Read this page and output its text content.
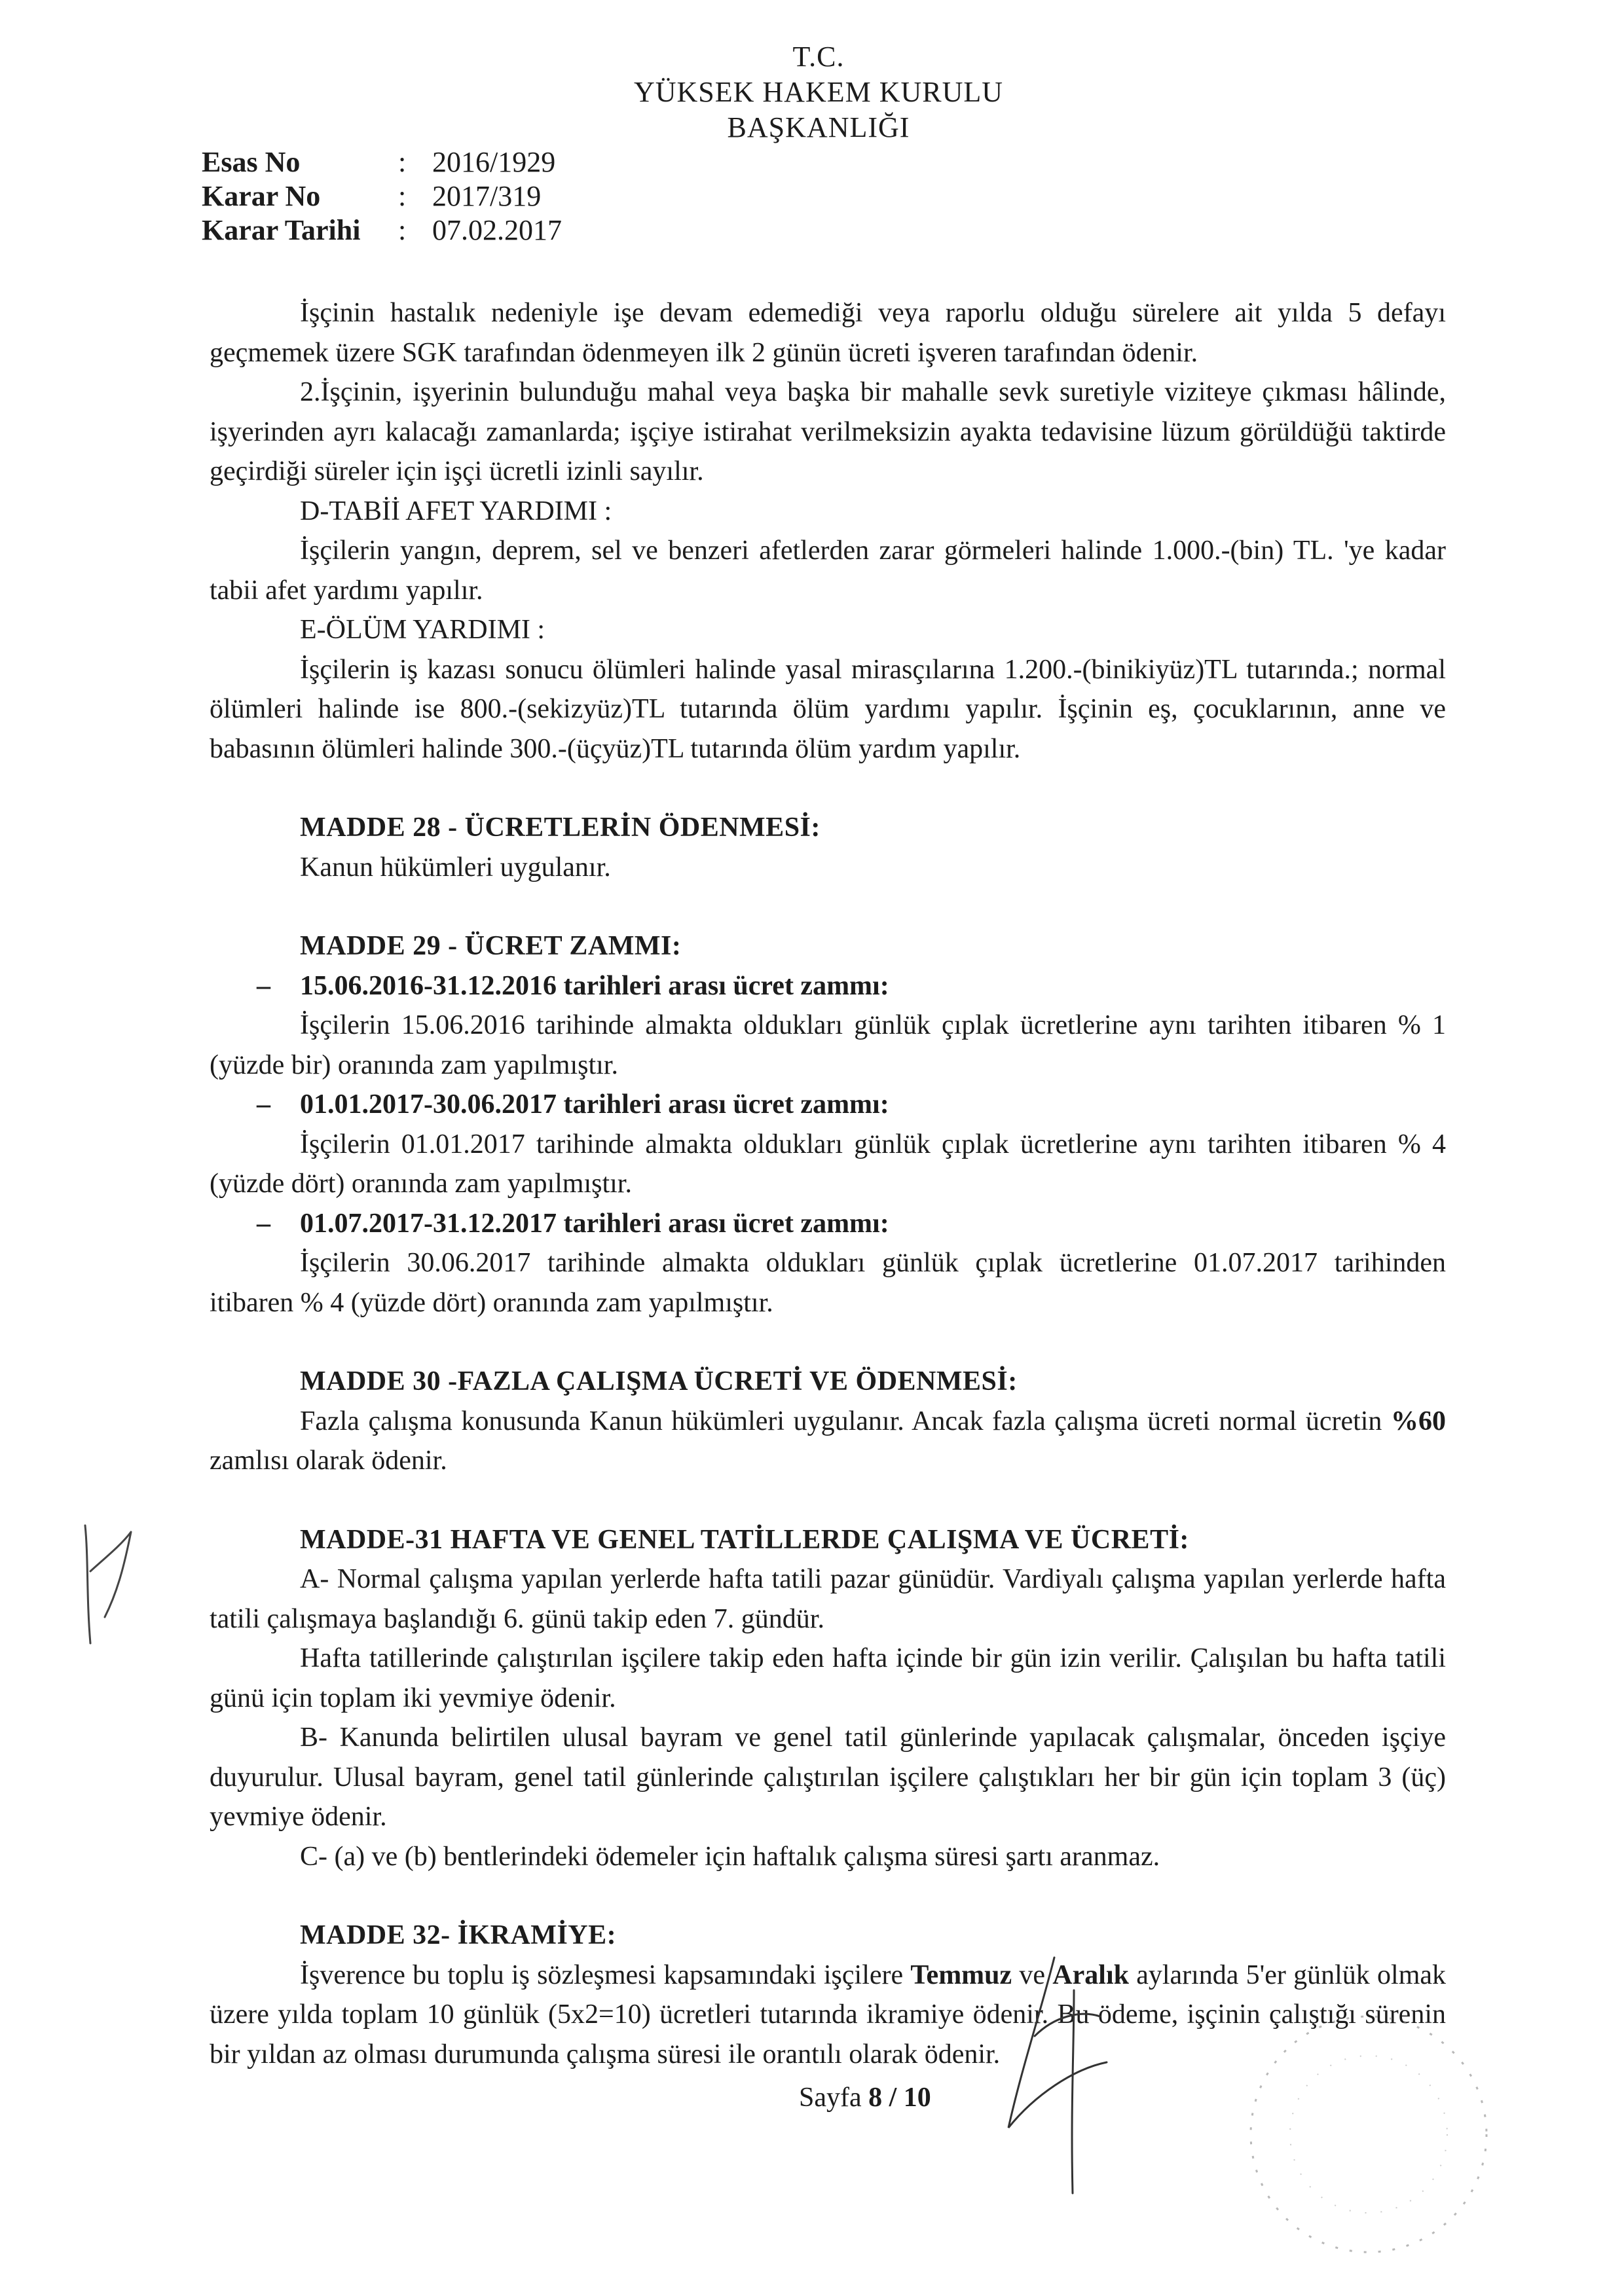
T.C.
YÜKSEK HAKEM KURULU
BAŞKANLIĞI
Esas No	: 2016/1929
Karar No	: 2017/319
Karar Tarihi	: 07.02.2017

İşçinin hastalık nedeniyle işe devam edemediği veya raporlu olduğu sürelere ait yılda 5 defayı geçmemek üzere SGK tarafından ödenmeyen ilk 2 günün ücreti işveren tarafından ödenir.

2.İşçinin, işyerinin bulunduğu mahal veya başka bir mahalle sevk suretiyle viziteye çıkması hâlinde, işyerinden ayrı kalacağı zamanlarda; işçiye istirahat verilmeksizin ayakta tedavisine lüzum görüldüğü taktirde geçirdiği süreler için işçi ücretli izinli sayılır.

D-TABİİ AFET YARDIMI :

İşçilerin yangın, deprem, sel ve benzeri afetlerden zarar görmeleri halinde 1.000.-(bin) TL. 'ye kadar tabii afet yardımı yapılır.

E-ÖLÜM YARDIMI :

İşçilerin iş kazası sonucu ölümleri halinde yasal mirasçılarına 1.200.-(binikiyüz)TL tutarında.; normal ölümleri halinde ise 800.-(sekizyüz)TL tutarında ölüm yardımı yapılır. İşçinin eş, çocuklarının, anne ve babasının ölümleri halinde 300.-(üçyüz)TL tutarında ölüm yardım yapılır.

MADDE 28 - ÜCRETLERİN ÖDENMESİ:

Kanun hükümleri uygulanır.

MADDE 29 - ÜCRET ZAMMI:

– 15.06.2016-31.12.2016 tarihleri arası ücret zammı:

İşçilerin 15.06.2016 tarihinde almakta oldukları günlük çıplak ücretlerine aynı tarihten itibaren % 1 (yüzde bir) oranında zam yapılmıştır.

– 01.01.2017-30.06.2017 tarihleri arası ücret zammı:

İşçilerin 01.01.2017 tarihinde almakta oldukları günlük çıplak ücretlerine aynı tarihten itibaren % 4 (yüzde dört) oranında zam yapılmıştır.

– 01.07.2017-31.12.2017 tarihleri arası ücret zammı:

İşçilerin 30.06.2017 tarihinde almakta oldukları günlük çıplak ücretlerine 01.07.2017 tarihinden itibaren % 4 (yüzde dört) oranında zam yapılmıştır.

MADDE 30 -FAZLA ÇALIŞMA ÜCRETİ VE ÖDENMESİ:

Fazla çalışma konusunda Kanun hükümleri uygulanır. Ancak fazla çalışma ücreti normal ücretin %60 zamlısı olarak ödenir.

MADDE-31 HAFTA VE GENEL TATİLLERDE ÇALIŞMA VE ÜCRETİ:

A- Normal çalışma yapılan yerlerde hafta tatili pazar günüdür. Vardiyalı çalışma yapılan yerlerde hafta tatili çalışmaya başlandığı 6. günü takip eden 7. gündür.

Hafta tatillerinde çalıştırılan işçilere takip eden hafta içinde bir gün izin verilir. Çalışılan bu hafta tatili günü için toplam iki yevmiye ödenir.

B- Kanunda belirtilen ulusal bayram ve genel tatil günlerinde yapılacak çalışmalar, önceden işçiye duyurulur. Ulusal bayram, genel tatil günlerinde çalıştırılan işçilere çalıştıkları her bir gün için toplam 3 (üç) yevmiye ödenir.

C- (a) ve (b) bentlerindeki ödemeler için haftalık çalışma süresi şartı aranmaz.

MADDE 32- İKRAMİYE:

İşverence bu toplu iş sözleşmesi kapsamındaki işçilere Temmuz ve Aralık aylarında 5'er günlük olmak üzere yılda toplam 10 günlük (5x2=10) ücretleri tutarında ikramiye ödenir. Bu ödeme, işçinin çalıştığı sürenin bir yıldan az olması durumunda çalışma süresi ile orantılı olarak ödenir.

Sayfa 8 / 10
